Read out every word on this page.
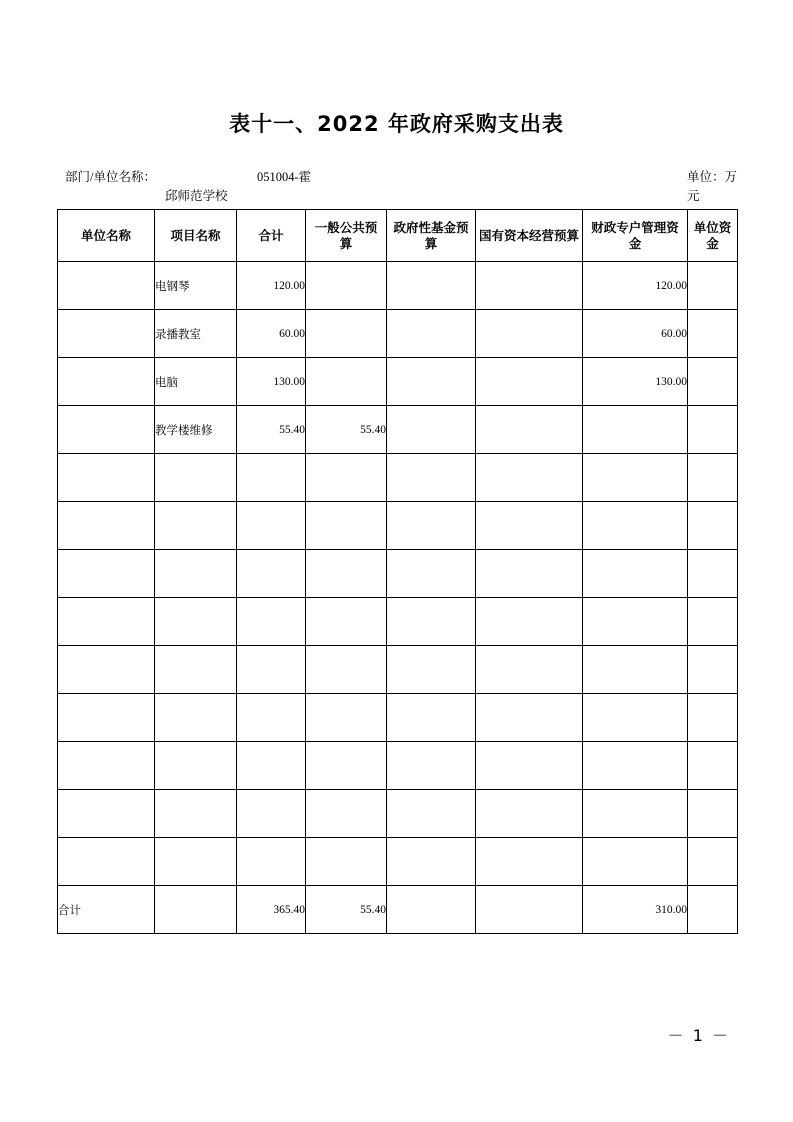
表十一、2022 年政府采购支出表
部门/单位名称：	051004-霍
邱师范学校
单位：万
元
单位名称	项目名称	合计	一般公共预算	政府性基金预算	国有资本经营预算	财政专户管理资金	单位资金
	电钢琴	120.00				120.00	
	录播教室	60.00				60.00	
	电脑	130.00				130.00	
	教学楼维修	55.40	55.40				

合计		365.40	55.40			310.00	
－ 1 －
